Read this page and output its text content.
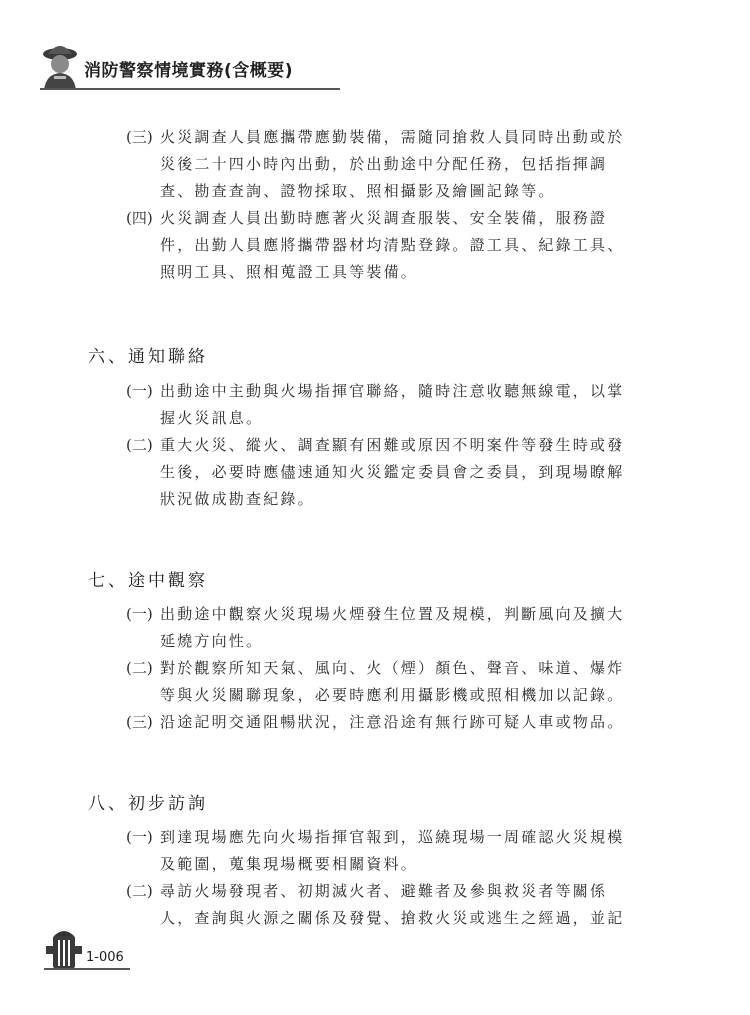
消防警察情境實務(含概要)
(三) 火災調查人員應攜帶應勤裝備，需隨同搶救人員同時出動或於
災後二十四小時內出動，於出動途中分配任務，包括指揮調
查、勘查查詢、證物採取、照相攝影及繪圖記錄等。
(四) 火災調查人員出勤時應著火災調查服裝、安全裝備，服務證
件，出勤人員應將攜帶器材均清點登錄。證工具、紀錄工具、
照明工具、照相蒐證工具等裝備。
六、通知聯絡
(一) 出動途中主動與火場指揮官聯絡，隨時注意收聽無線電，以掌
握火災訊息。
(二) 重大火災、縱火、調查顯有困難或原因不明案件等發生時或發
生後，必要時應儘速通知火災鑑定委員會之委員，到現場瞭解
狀況做成勘查紀錄。
七、途中觀察
(一) 出動途中觀察火災現場火煙發生位置及規模，判斷風向及擴大
延燒方向性。
(二) 對於觀察所知天氣、風向、火（煙）顏色、聲音、味道、爆炸
等與火災關聯現象，必要時應利用攝影機或照相機加以記錄。
(三) 沿途記明交通阻暢狀況，注意沿途有無行跡可疑人車或物品。
八、初步訪詢
(一) 到達現場應先向火場指揮官報到，巡繞現場一周確認火災規模
及範圍，蒐集現場概要相關資料。
(二) 尋訪火場發現者、初期滅火者、避難者及參與救災者等關係
人，查詢與火源之關係及發覺、搶救火災或逃生之經過，並記
1-006
